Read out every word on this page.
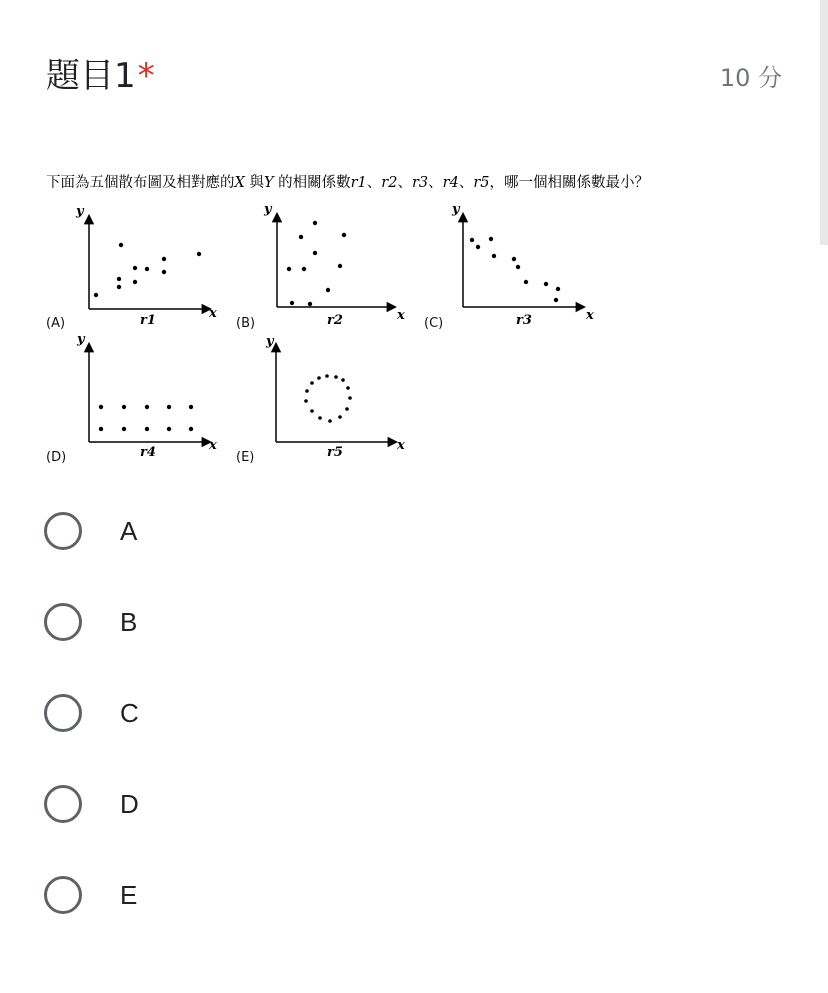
題目1*	10 分
下面為五個散布圖及相對應的X 與Y 的相關係數r1、r2、r3、r4、r5，哪一個相關係數最小？
y
x
r1
(A)
y
x
r2
(B)
y
x
r3
(C)
y
x
r4
(D)
y
x
r5
(E)
A
B
C
D
E
